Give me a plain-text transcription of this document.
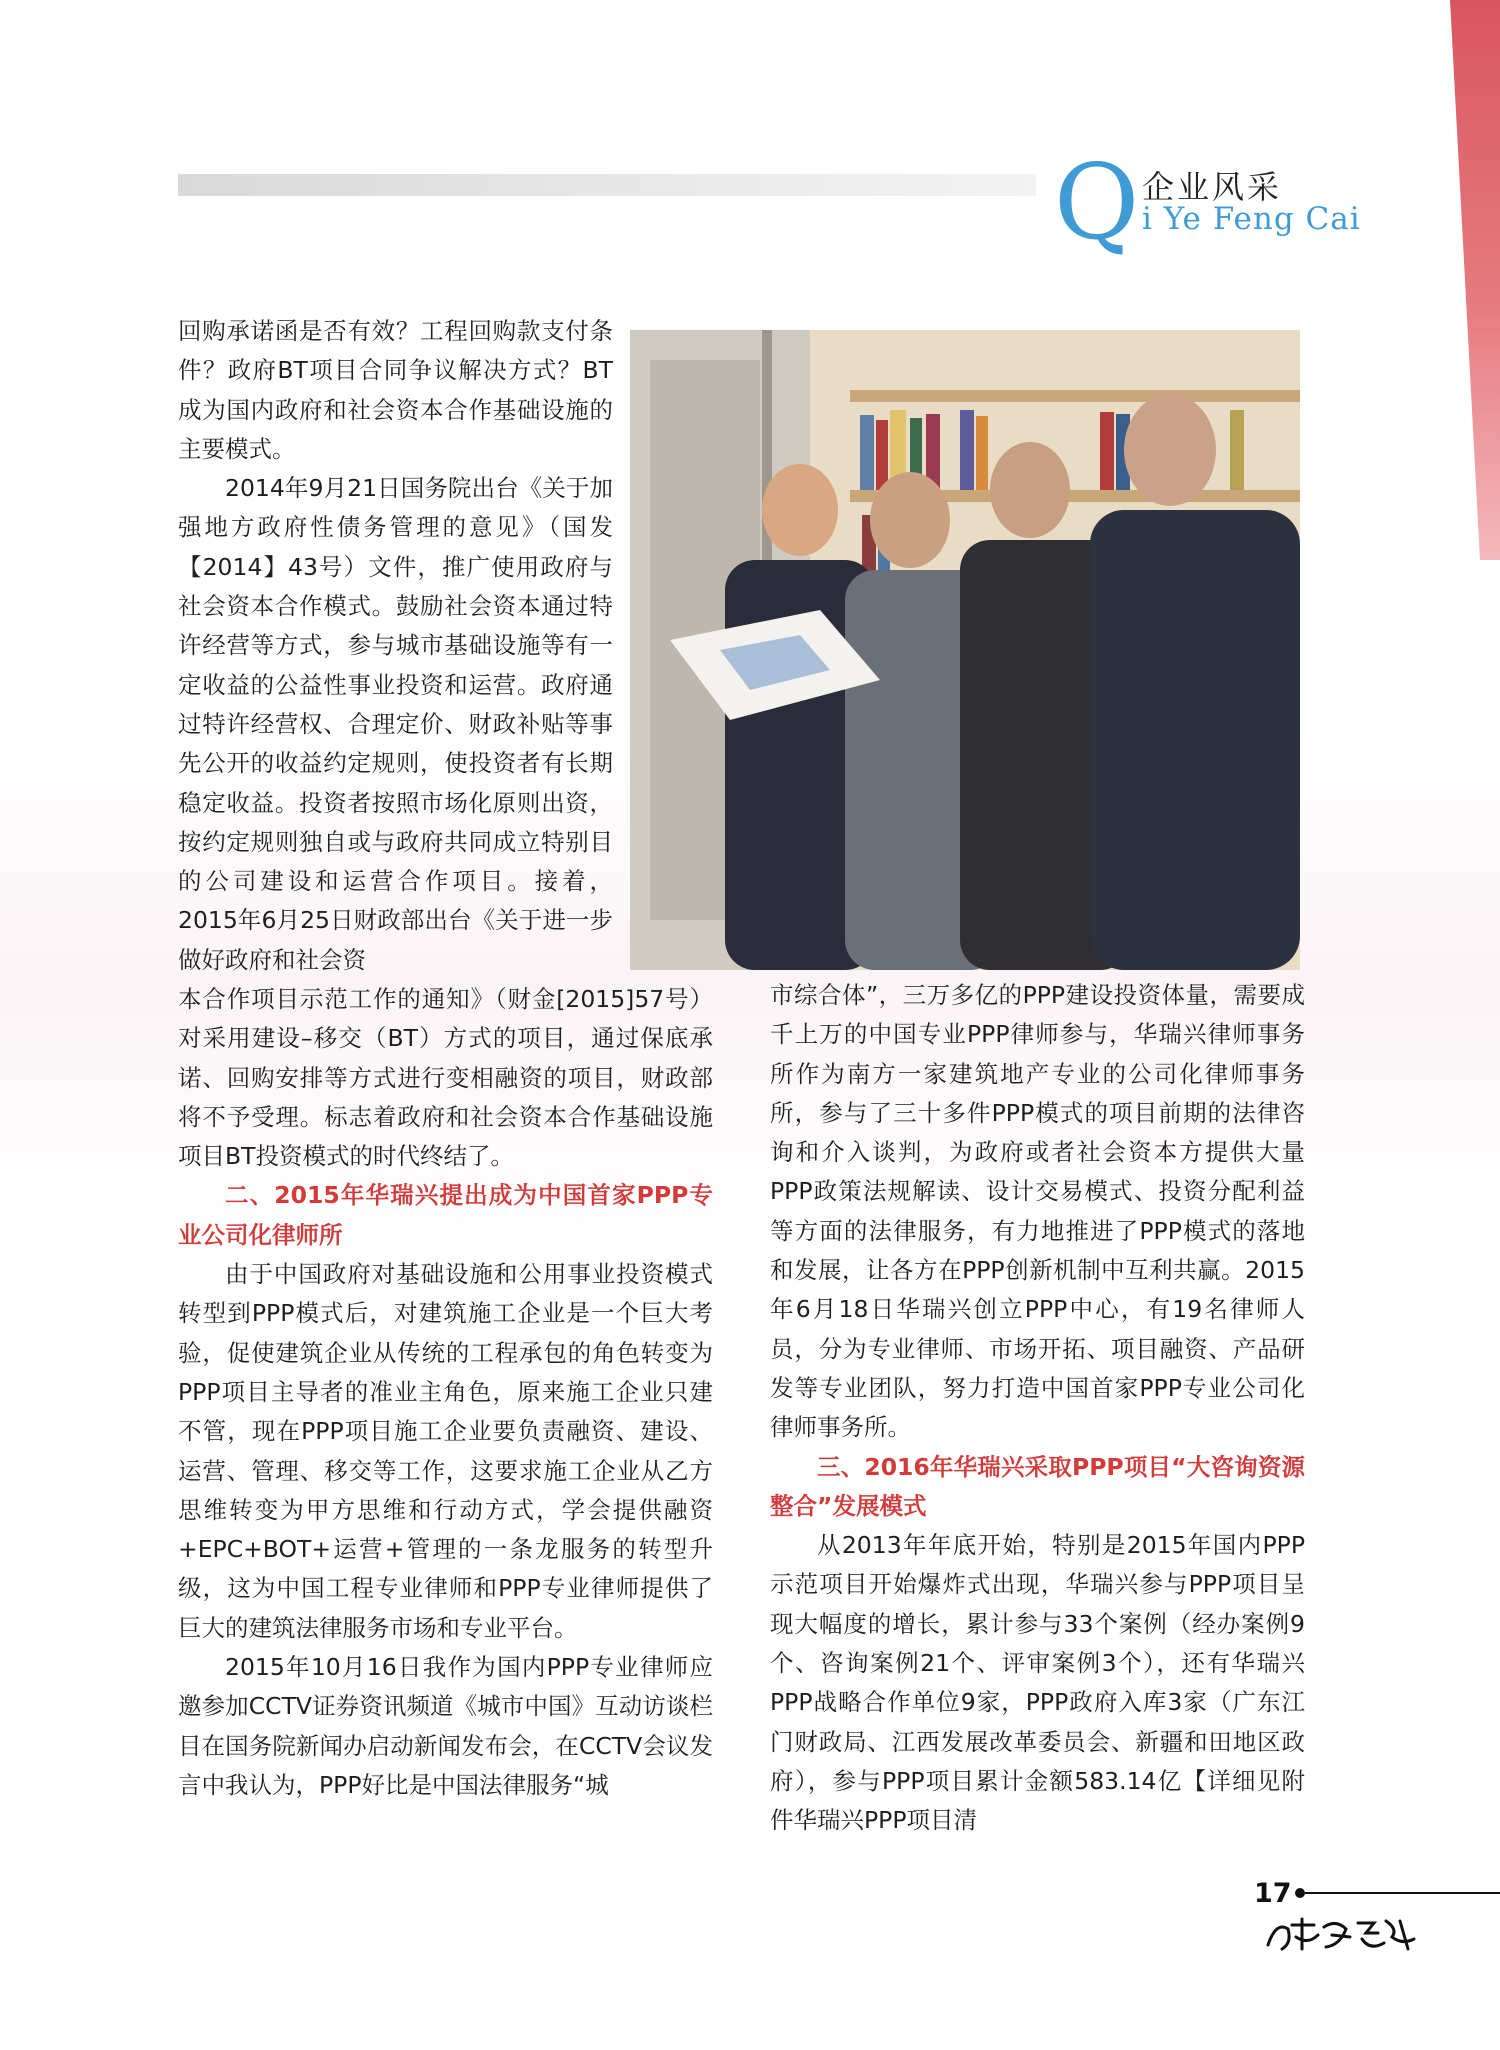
Q 企业风采
i Ye Feng Cai

回购承诺函是否有效？工程回购款支付条件？政府BT项目合同争议解决方式？BT成为国内政府和社会资本合作基础设施的主要模式。

2014年9月21日国务院出台《关于加强地方政府性债务管理的意见》（国发【2014】43号）文件，推广使用政府与社会资本合作模式。鼓励社会资本通过特许经营等方式，参与城市基础设施等有一定收益的公益性事业投资和运营。政府通过特许经营权、合理定价、财政补贴等事先公开的收益约定规则，使投资者有长期稳定收益。投资者按照市场化原则出资，按约定规则独自或与政府共同成立特别目的公司建设和运营合作项目。接着，2015年6月25日财政部出台《关于进一步做好政府和社会资

本合作项目示范工作的通知》（财金[2015]57号）对采用建设–移交（BT）方式的项目，通过保底承诺、回购安排等方式进行变相融资的项目，财政部将不予受理。标志着政府和社会资本合作基础设施项目BT投资模式的时代终结了。

二、2015年华瑞兴提出成为中国首家PPP专业公司化律师所

由于中国政府对基础设施和公用事业投资模式转型到PPP模式后，对建筑施工企业是一个巨大考验，促使建筑企业从传统的工程承包的角色转变为PPP项目主导者的准业主角色，原来施工企业只建不管，现在PPP项目施工企业要负责融资、建设、运营、管理、移交等工作，这要求施工企业从乙方思维转变为甲方思维和行动方式，学会提供融资+EPC+BOT+运营+管理的一条龙服务的转型升级，这为中国工程专业律师和PPP专业律师提供了巨大的建筑法律服务市场和专业平台。

2015年10月16日我作为国内PPP专业律师应邀参加CCTV证券资讯频道《城市中国》互动访谈栏目在国务院新闻办启动新闻发布会，在CCTV会议发言中我认为，PPP好比是中国法律服务“城

市综合体”，三万多亿的PPP建设投资体量，需要成千上万的中国专业PPP律师参与，华瑞兴律师事务所作为南方一家建筑地产专业的公司化律师事务所，参与了三十多件PPP模式的项目前期的法律咨询和介入谈判，为政府或者社会资本方提供大量PPP政策法规解读、设计交易模式、投资分配利益等方面的法律服务，有力地推进了PPP模式的落地和发展，让各方在PPP创新机制中互利共赢。2015年6月18日华瑞兴创立PPP中心，有19名律师人员，分为专业律师、市场开拓、项目融资、产品研发等专业团队，努力打造中国首家PPP专业公司化律师事务所。

三、2016年华瑞兴采取PPP项目“大咨询资源整合”发展模式

从2013年年底开始，特别是2015年国内PPP示范项目开始爆炸式出现，华瑞兴参与PPP项目呈现大幅度的增长，累计参与33个案例（经办案例9个、咨询案例21个、评审案例3个），还有华瑞兴PPP战略合作单位9家，PPP政府入库3家（广东江门财政局、江西发展改革委员会、新疆和田地区政府），参与PPP项目累计金额583.14亿【详细见附件华瑞兴PPP项目清

17
